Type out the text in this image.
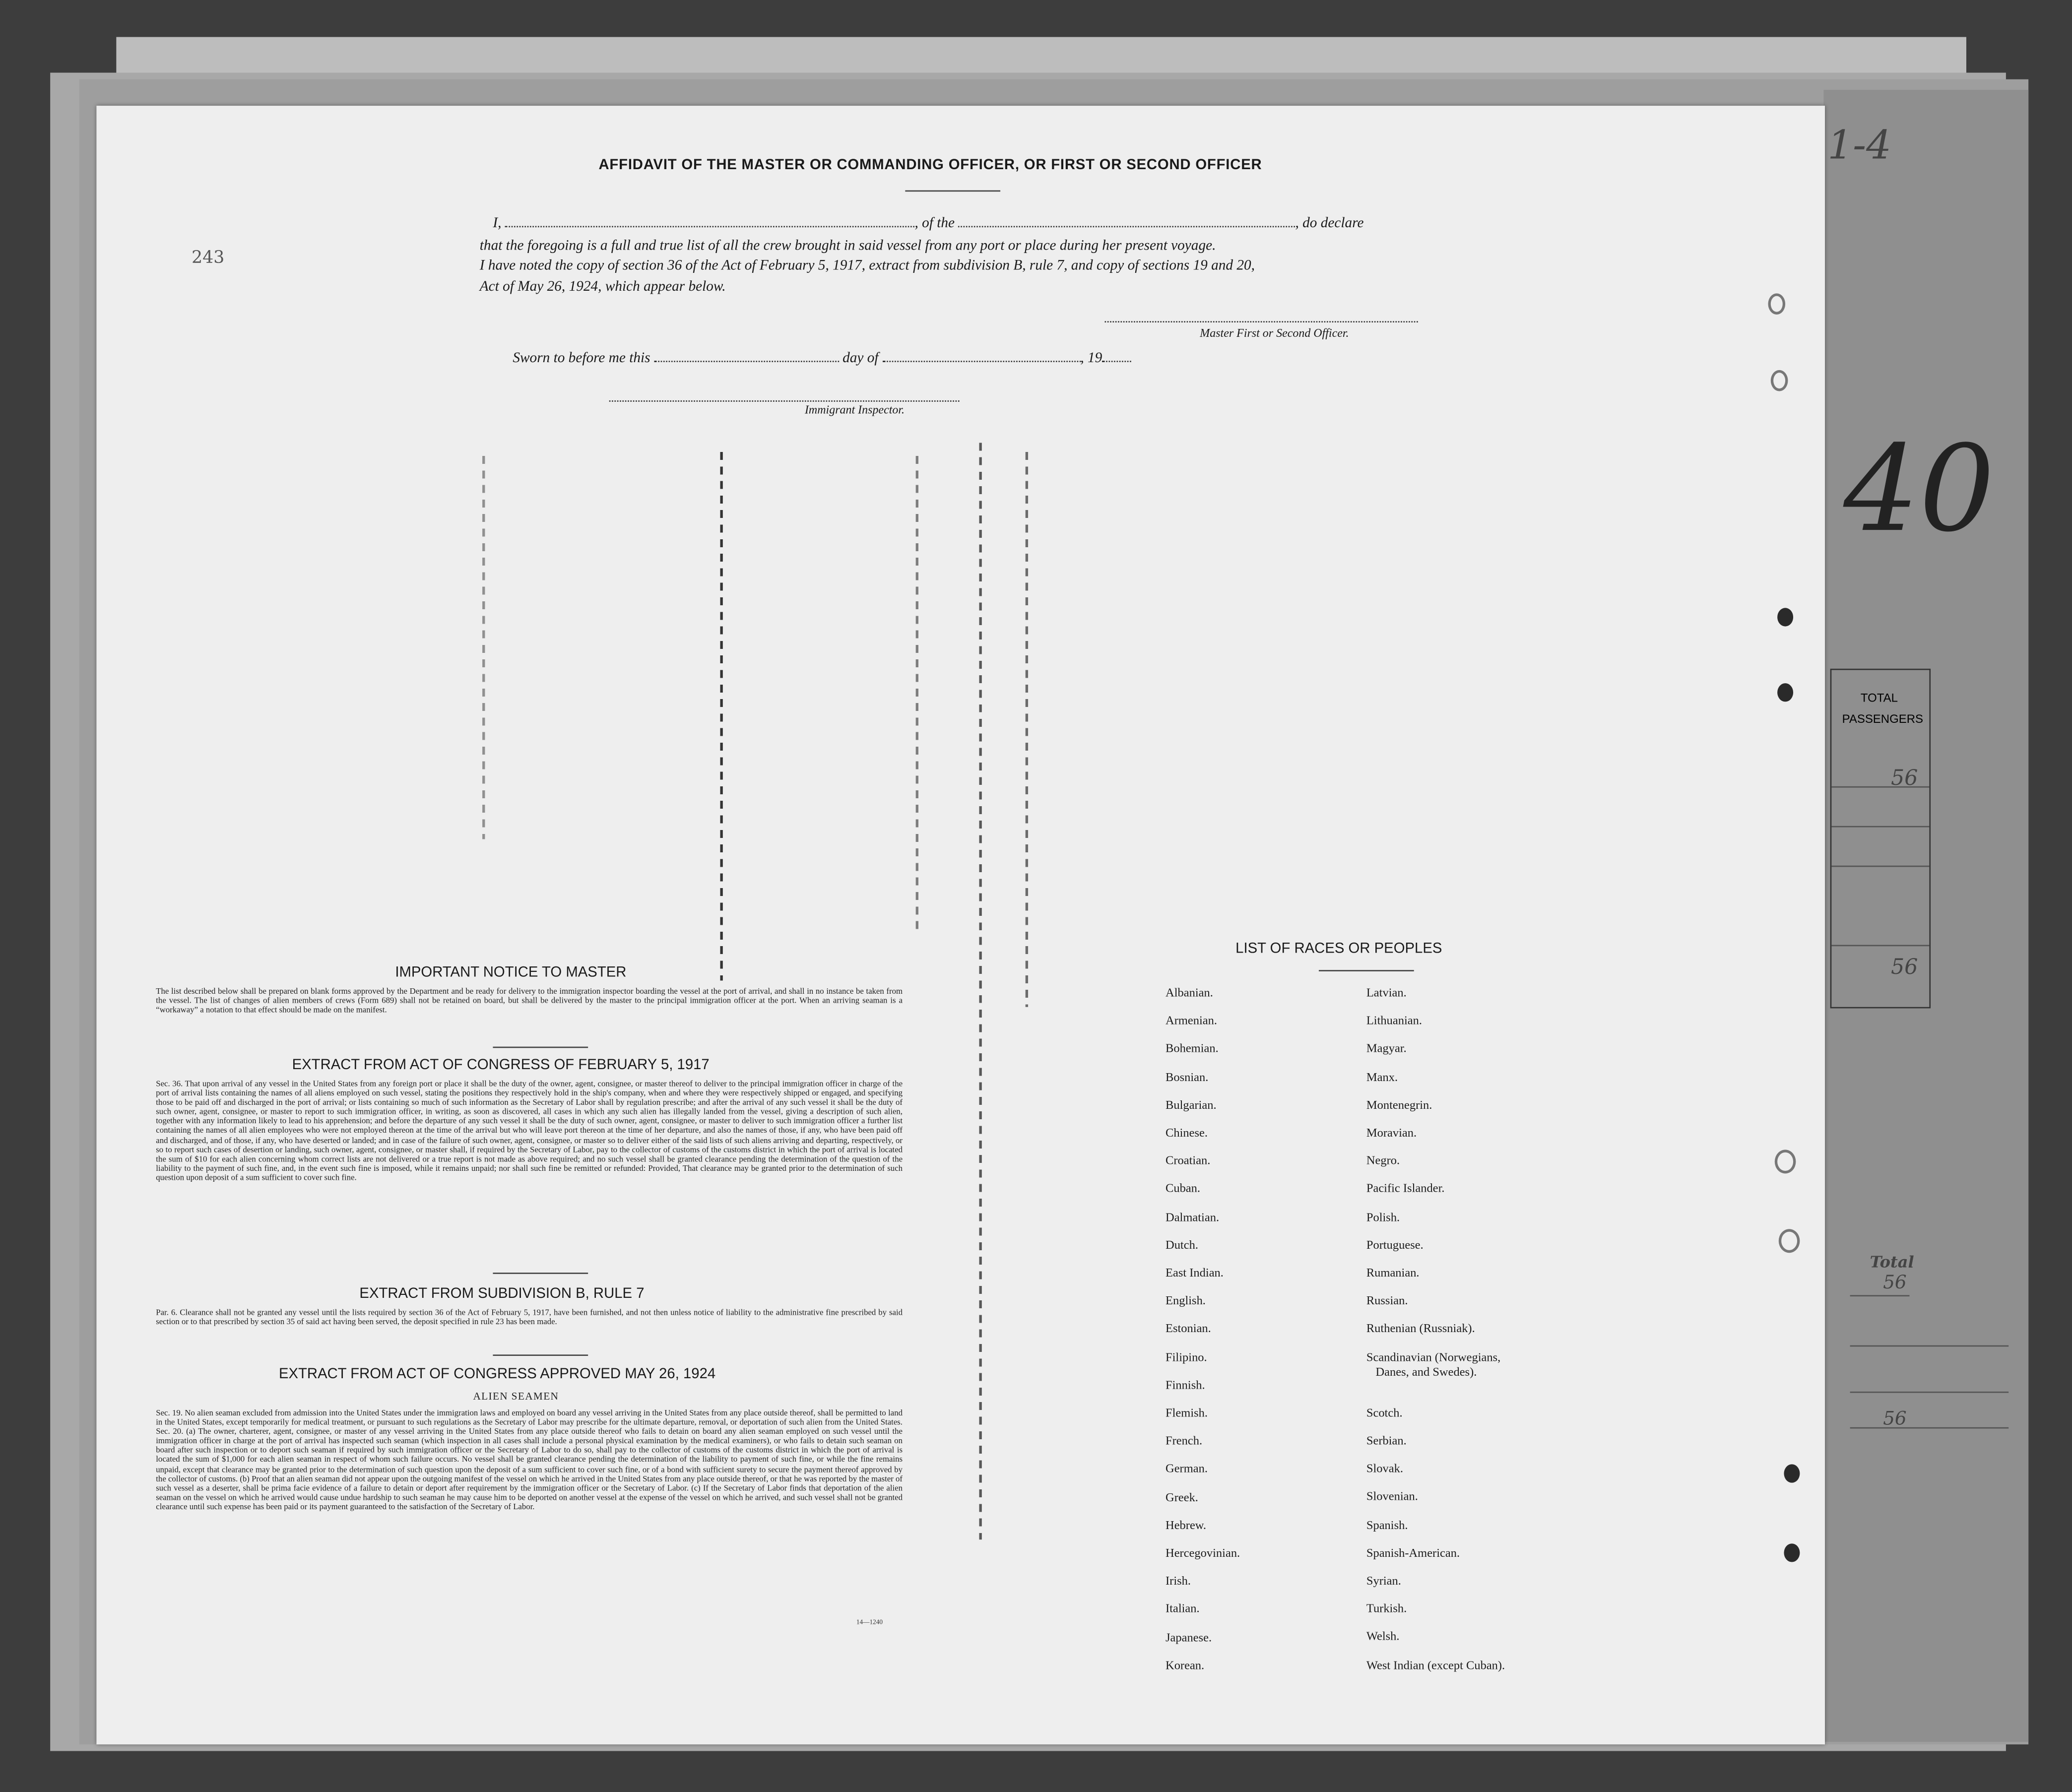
1-4
40
TOTAL
PASSENGERS
56
56
Total
56
56
AFFIDAVIT OF THE MASTER OR COMMANDING OFFICER, OR FIRST OR SECOND OFFICER
I,	, of the	, do declare
that the foregoing is a full and true list of all the crew brought in said vessel from any port or place during her present voyage.
I have noted the copy of section 36 of the Act of February 5, 1917, extract from subdivision B, rule 7, and copy of sections 19 and 20,
Act of May 26, 1924, which appear below.
243
Master First or Second Officer.
Sworn to before me this	day of	, 19
Immigrant Inspector.
IMPORTANT NOTICE TO MASTER
The list described below shall be prepared on blank forms approved by the Department and be ready for delivery to the immigration inspector boarding the vessel at the port of arrival, and shall in no instance be taken from the vessel. The list of changes of alien members of crews (Form 689) shall not be retained on board, but shall be delivered by the master to the principal immigration officer at the port. When an arriving seaman is a “workaway” a notation to that effect should be made on the manifest.
EXTRACT FROM ACT OF CONGRESS OF FEBRUARY 5, 1917
Sec. 36. That upon arrival of any vessel in the United States from any foreign port or place it shall be the duty of the owner, agent, consignee, or master thereof to deliver to the principal immigration officer in charge of the port of arrival lists containing the names of all aliens employed on such vessel, stating the positions they respectively hold in the ship's company, when and where they were respectively shipped or engaged, and specifying those to be paid off and discharged in the port of arrival; or lists containing so much of such information as the Secretary of Labor shall by regulation prescribe; and after the arrival of any such vessel it shall be the duty of such owner, agent, consignee, or master to report to such immigration officer, in writing, as soon as discovered, all cases in which any such alien has illegally landed from the vessel, giving a description of such alien, together with any information likely to lead to his apprehension; and before the departure of any such vessel it shall be the duty of such owner, agent, consignee, or master to deliver to such immigration officer a further list containing the names of all alien employees who were not employed thereon at the time of the arrival but who will leave port thereon at the time of her departure, and also the names of those, if any, who have been paid off and discharged, and of those, if any, who have deserted or landed; and in case of the failure of such owner, agent, consignee, or master so to deliver either of the said lists of such aliens arriving and departing, respectively, or so to report such cases of desertion or landing, such owner, agent, consignee, or master shall, if required by the Secretary of Labor, pay to the collector of customs of the customs district in which the port of arrival is located the sum of $10 for each alien concerning whom correct lists are not delivered or a true report is not made as above required; and no such vessel shall be granted clearance pending the determination of the question of the liability to the payment of such fine, and, in the event such fine is imposed, while it remains unpaid; nor shall such fine be remitted or refunded: Provided, That clearance may be granted prior to the determination of such question upon deposit of a sum sufficient to cover such fine.
EXTRACT FROM SUBDIVISION B, RULE 7
Par. 6. Clearance shall not be granted any vessel until the lists required by section 36 of the Act of February 5, 1917, have been furnished, and not then unless notice of liability to the administrative fine prescribed by said section or to that prescribed by section 35 of said act having been served, the deposit specified in rule 23 has been made.
EXTRACT FROM ACT OF CONGRESS APPROVED MAY 26, 1924
ALIEN SEAMEN
Sec. 19. No alien seaman excluded from admission into the United States under the immigration laws and employed on board any vessel arriving in the United States from any place outside thereof, shall be permitted to land in the United States, except temporarily for medical treatment, or pursuant to such regulations as the Secretary of Labor may prescribe for the ultimate departure, removal, or deportation of such alien from the United States. Sec. 20. (a) The owner, charterer, agent, consignee, or master of any vessel arriving in the United States from any place outside thereof who fails to detain on board any alien seaman employed on such vessel until the immigration officer in charge at the port of arrival has inspected such seaman (which inspection in all cases shall include a personal physical examination by the medical examiners), or who fails to detain such seaman on board after such inspection or to deport such seaman if required by such immigration officer or the Secretary of Labor to do so, shall pay to the collector of customs of the customs district in which the port of arrival is located the sum of $1,000 for each alien seaman in respect of whom such failure occurs. No vessel shall be granted clearance pending the determination of the liability to payment of such fine, or while the fine remains unpaid, except that clearance may be granted prior to the determination of such question upon the deposit of a sum sufficient to cover such fine, or of a bond with sufficient surety to secure the payment thereof approved by the collector of customs. (b) Proof that an alien seaman did not appear upon the outgoing manifest of the vessel on which he arrived in the United States from any place outside thereof, or that he was reported by the master of such vessel as a deserter, shall be prima facie evidence of a failure to detain or deport after requirement by the immigration officer or the Secretary of Labor. (c) If the Secretary of Labor finds that deportation of the alien seaman on the vessel on which he arrived would cause undue hardship to such seaman he may cause him to be deported on another vessel at the expense of the vessel on which he arrived, and such vessel shall not be granted clearance until such expense has been paid or its payment guaranteed to the satisfaction of the Secretary of Labor.
14—1240
LIST OF RACES OR PEOPLES
Albanian.
Armenian.
Bohemian.
Bosnian.
Bulgarian.
Chinese.
Croatian.
Cuban.
Dalmatian.
Dutch.
East Indian.
English.
Estonian.
Filipino.
Finnish.
Flemish.
French.
German.
Greek.
Hebrew.
Hercegovinian.
Irish.
Italian.
Japanese.
Korean.
Latvian.
Lithuanian.
Magyar.
Manx.
Montenegrin.
Moravian.
Negro.
Pacific Islander.
Polish.
Portuguese.
Rumanian.
Russian.
Ruthenian (Russniak).
Scandinavian (Norwegians,
Danes, and Swedes).
Scotch.
Serbian.
Slovak.
Slovenian.
Spanish.
Spanish-American.
Syrian.
Turkish.
Welsh.
West Indian (except Cuban).
